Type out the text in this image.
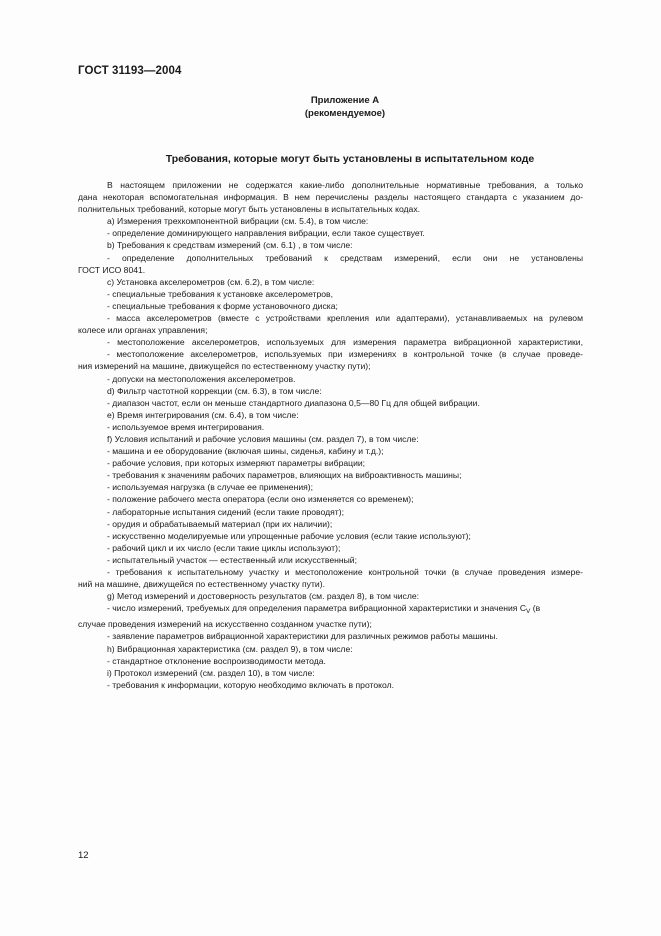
ГОСТ 31193—2004
Приложение А
(рекомендуемое)
Требования, которые могут быть установлены в испытательном коде
В настоящем приложении не содержатся какие-либо дополнительные нормативные требования, а только
дана некоторая вспомогательная информация. В нем перечислены разделы настоящего стандарта с указанием до-
полнительных требований, которые могут быть установлены в испытательных кодах.
a) Измерения трехкомпонентной вибрации (см. 5.4), в том числе:
- определение доминирующего направления вибрации, если такое существует.
b) Требования к средствам измерений (см. 6.1) , в том числе:
- определение дополнительных требований к средствам измерений, если они не установлены
ГОСТ ИСО 8041.
c) Установка акселерометров (см. 6.2), в том числе:
- специальные требования к установке акселерометров,
- специальные требования к форме установочного диска;
- масса акселерометров (вместе с устройствами крепления или адаптерами), устанавливаемых на рулевом
колесе или органах управления;
- местоположение акселерометров, используемых для измерения параметра вибрационной характеристики,
- местоположение акселерометров, используемых при измерениях в контрольной точке (в случае проведе-
ния измерений на машине, движущейся по естественному участку пути);
- допуски на местоположения акселерометров.
d) Фильтр частотной коррекции (см. 6.3), в том числе:
- диапазон частот, если он меньше стандартного диапазона 0,5—80 Гц для общей вибрации.
e) Время интегрирования (см. 6.4), в том числе:
- используемое время интегрирования.
f) Условия испытаний и рабочие условия машины (см. раздел 7), в том числе:
- машина и ее оборудование (включая шины, сиденья, кабину и т.д.);
- рабочие условия, при которых измеряют параметры вибрации;
- требования к значениям рабочих параметров, влияющих на виброактивность машины;
- используемая нагрузка (в случае ее применения);
- положение рабочего места оператора (если оно изменяется со временем);
- лабораторные испытания сидений (если такие проводят);
- орудия и обрабатываемый материал (при их наличии);
- искусственно моделируемые или упрощенные рабочие условия (если такие используют);
- рабочий цикл и их число (если такие циклы используют);
- испытательный участок — естественный или искусственный;
- требования к испытательному участку и местоположение контрольной точки (в случае проведения измере-
ний на машине, движущейся по естественному участку пути).
g) Метод измерений и достоверность результатов (см. раздел 8), в том числе:
- число измерений, требуемых для определения параметра вибрационной характеристики и значения $C_V$ (в
случае проведения измерений на искусственно созданном участке пути);
- заявление параметров вибрационной характеристики для различных режимов работы машины.
h) Вибрационная характеристика (см. раздел 9), в том числе:
- стандартное отклонение воспроизводимости метода.
i) Протокол измерений (см. раздел 10), в том числе:
- требования к информации, которую необходимо включать в протокол.
12
